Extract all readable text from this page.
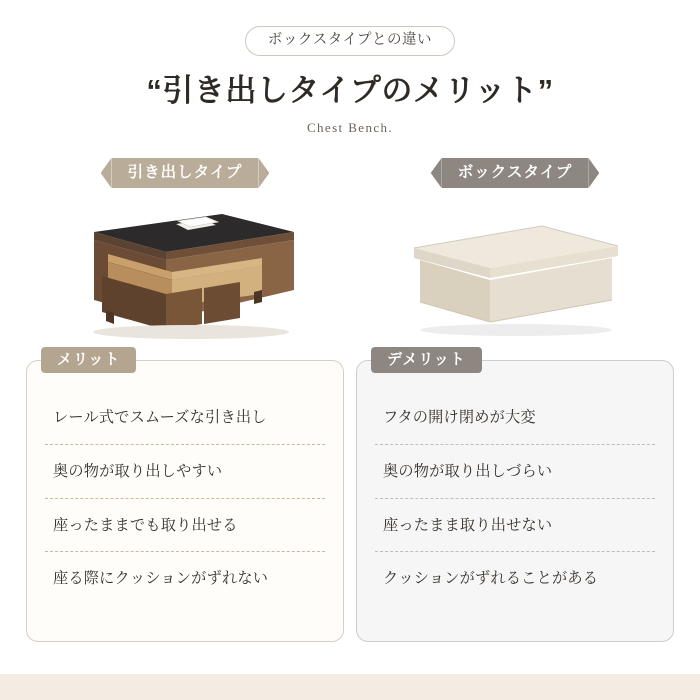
ボックスタイプとの違い
“引き出しタイプのメリット”
Chest Bench.
引き出しタイプ	ボックスタイプ
メリット
レール式でスムーズな引き出し
奥の物が取り出しやすい
座ったままでも取り出せる
座る際にクッションがずれない
デメリット
フタの開け閉めが大変
奥の物が取り出しづらい
座ったまま取り出せない
クッションがずれることがある
